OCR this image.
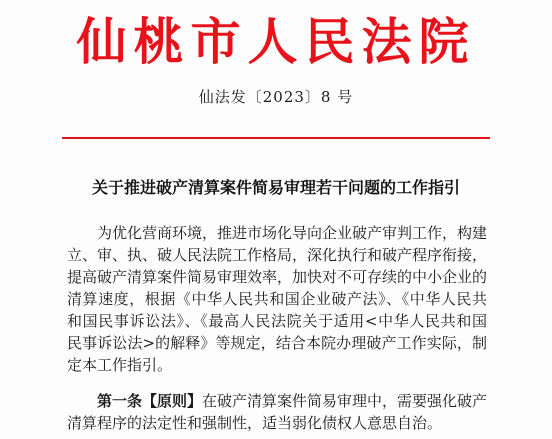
仙桃市人民法院
仙法发〔2023〕8 号
关于推进破产清算案件简易审理若干问题的工作指引
为优化营商环境，推进市场化导向企业破产审判工作，构建
立、审、执、破人民法院工作格局，深化执行和破产程序衔接，
提高破产清算案件简易审理效率，加快对不可存续的中小企业的
清算速度，根据《中华人民共和国企业破产法》、《中华人民共
和国民事诉讼法》、《最高人民法院关于适用<中华人民共和国
民事诉讼法>的解释》等规定，结合本院办理破产工作实际，制
定本工作指引。
第一条【原则】在破产清算案件简易审理中，需要强化破产
清算程序的法定性和强制性，适当弱化债权人意思自治。
